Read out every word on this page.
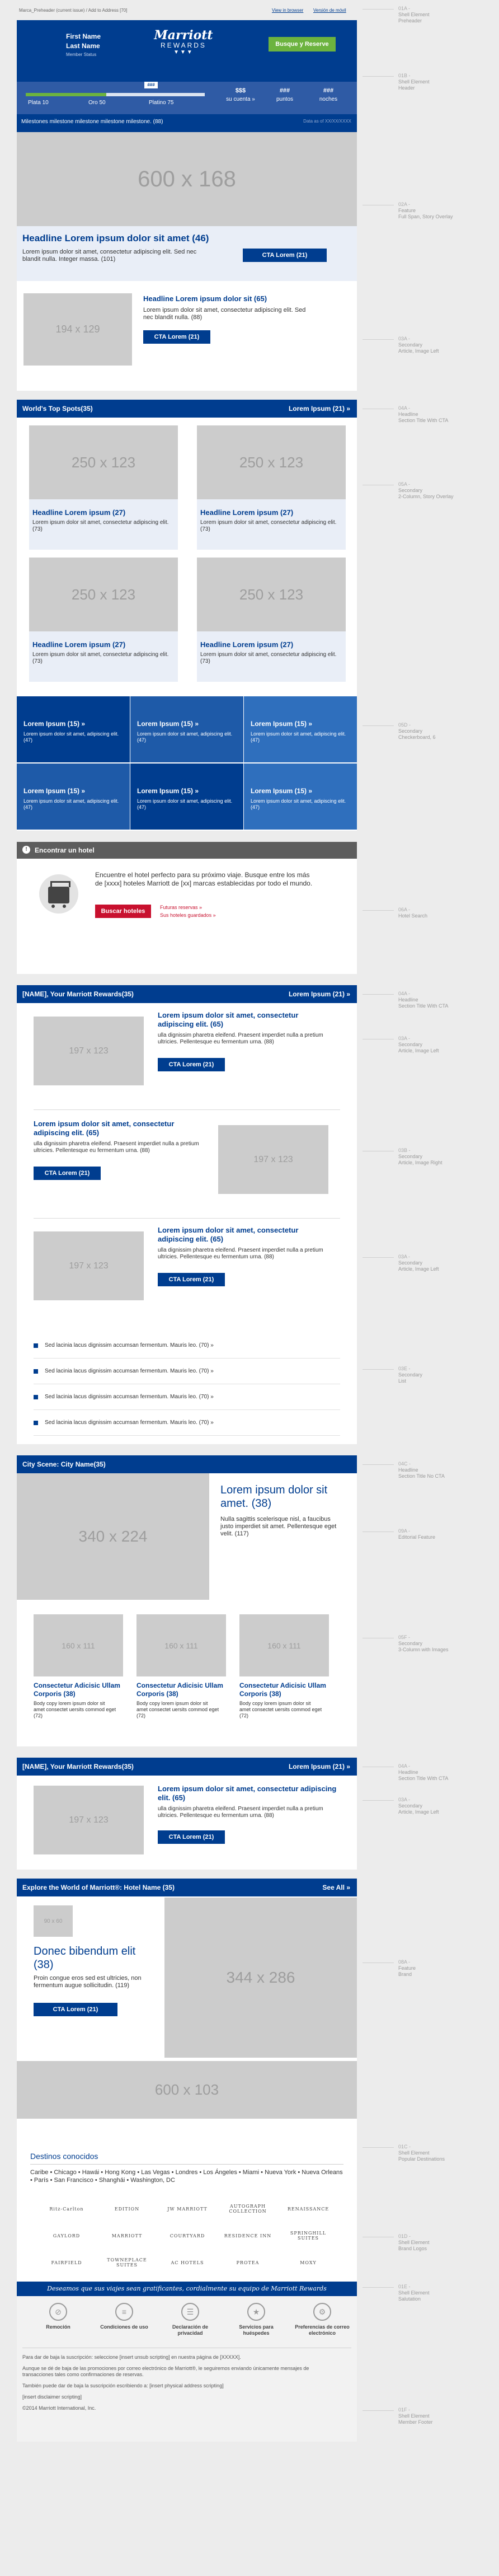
Marca_Preheader (current issue) / Add to Address [70]	View in browser Versión de móvil
First Name
Last Name
Member Status
Marriott
REWARDS
▼▼▼
Busque y Reserve
###
Plata 10	Oro 50	Platino 75
$$$
su cuenta »
###
puntos
###
noches
Milestones milestone milestone milestone milestone. (88)	Data as of XX/XX/XXXX
600 x 168
Headline Lorem ipsum dolor sit amet (46)
Lorem ipsum dolor sit amet, consectetur adipiscing elit. Sed nec blandit nulla. Integer massa. (101)
CTA Lorem (21)
194 x 129
Headline Lorem ipsum dolor sit (65)
Lorem ipsum dolor sit amet, consectetur adipiscing elit. Sed nec blandit nulla. (88)
CTA Lorem (21)
World's Top Spots(35)	Lorem Ipsum (21) »
250 x 123
Headline Lorem ipsum (27)
Lorem ipsum dolor sit amet, consectetur adipiscing elit. (73)
250 x 123
Headline Lorem ipsum (27)
Lorem ipsum dolor sit amet, consectetur adipiscing elit. (73)
250 x 123
Headline Lorem ipsum (27)
Lorem ipsum dolor sit amet, consectetur adipiscing elit. (73)
250 x 123
Headline Lorem ipsum (27)
Lorem ipsum dolor sit amet, consectetur adipiscing elit. (73)
Lorem Ipsum (15) »
Lorem ipsum dolor sit amet, adipiscing elit. (47)
Lorem Ipsum (15) »
Lorem ipsum dolor sit amet, adipiscing elit. (47)
Lorem Ipsum (15) »
Lorem ipsum dolor sit amet, adipiscing elit. (47)
Lorem Ipsum (15) »
Lorem ipsum dolor sit amet, adipiscing elit. (47)
Lorem Ipsum (15) »
Lorem ipsum dolor sit amet, adipiscing elit. (47)
Lorem Ipsum (15) »
Lorem ipsum dolor sit amet, adipiscing elit. (47)
!	Encontrar un hotel
Encuentre el hotel perfecto para su próximo viaje. Busque entre los más de [xxxx] hoteles Marriott de [xx] marcas establecidas por todo el mundo.
Buscar hoteles
Futuras reservas »
Sus hoteles guardados »
[NAME], Your Marriott Rewards(35)	Lorem Ipsum (21) »
197 x 123
Lorem ipsum dolor sit amet, consectetur adipiscing elit. (65)
ulla dignissim pharetra eleifend. Praesent imperdiet nulla a pretium ultricies. Pellentesque eu fermentum urna. (88)
CTA Lorem (21)
197 x 123
Lorem ipsum dolor sit amet, consectetur adipiscing elit. (65)
ulla dignissim pharetra eleifend. Praesent imperdiet nulla a pretium ultricies. Pellentesque eu fermentum urna. (88)
CTA Lorem (21)
197 x 123
Lorem ipsum dolor sit amet, consectetur adipiscing elit. (65)
ulla dignissim pharetra eleifend. Praesent imperdiet nulla a pretium ultricies. Pellentesque eu fermentum urna. (88)
CTA Lorem (21)
Sed lacinia lacus dignissim accumsan fermentum. Mauris leo. (70) »
Sed lacinia lacus dignissim accumsan fermentum. Mauris leo. (70) »
Sed lacinia lacus dignissim accumsan fermentum. Mauris leo. (70) »
Sed lacinia lacus dignissim accumsan fermentum. Mauris leo. (70) »
City Scene: City Name(35)
340 x 224
Lorem ipsum dolor sit amet. (38)
Nulla sagittis scelerisque nisl, a faucibus justo imperdiet sit amet. Pellentesque eget velit. (117)
160 x 111
Consectetur Adicisic Ullam Corporis (38)
Body copy lorem ipsum dolor sit amet consectet uersits commod eget (72)
160 x 111
Consectetur Adicisic Ullam Corporis (38)
Body copy lorem ipsum dolor sit amet consectet uersits commod eget (72)
160 x 111
Consectetur Adicisic Ullam Corporis (38)
Body copy lorem ipsum dolor sit amet consectet uersits commod eget (72)
[NAME], Your Marriott Rewards(35)	Lorem Ipsum (21) »
197 x 123
Lorem ipsum dolor sit amet, consectetur adipiscing elit. (65)
ulla dignissim pharetra eleifend. Praesent imperdiet nulla a pretium ultricies. Pellentesque eu fermentum urna. (88)
CTA Lorem (21)
Explore the World of Marriott®: Hotel Name (35)	See All »
90 x 60
Donec bibendum elit (38)
Proin congue eros sed est ultricies, non fermentum augue sollicitudin. (119)
CTA Lorem (21)
344 x 286
600 x 103
Destinos conocidos
Caribe • Chicago • Hawái • Hong Kong • Las Vegas • Londres • Los Ángeles • Miami • Nueva York • Nueva Orleans • París • San Francisco • Shanghái • Washington, DC
Ritz-Carlton	EDITION	JW MARRIOTT	AUTOGRAPH COLLECTION	RENAISSANCE
GAYLORD	MARRIOTT	COURTYARD	RESIDENCE INN	SPRINGHILL SUITES
FAIRFIELD	TOWNEPLACE SUITES	AC HOTELS	PROTEA	MOXY
Deseamos que sus viajes sean gratificantes, cordialmente su equipo de Marriott Rewards
Para dar de baja la suscripción: seleccione [insert unsub scripting] en nuestra página de [XXXXX].
Aunque se dé de baja de las promociones por correo electrónico de Marriott®, le seguiremos enviando únicamente mensajes de transacciones tales como confirmaciones de reservas.
También puede dar de baja la suscripción escribiendo a: [insert physical address scripting]
[insert disclaimer scripting]
©2014 Marriott International, Inc.
⊘
Remoción
≡
Condiciones de uso
☰
Declaración de privacidad
★
Servicios para huéspedes
⚙
Preferencias de correo electrónico
01A -
Shell Element
Preheader
01B -
Shell Element
Header
02A -
Feature
Full Span, Story Overlay
03A -
Secondary
Article, Image Left
04A -
Headline
Section Title With CTA
05A -
Secondary
2-Column, Story Overlay
05D -
Secondary
Checkerboard, 6
06A -
Hotel Search
04A -
Headline
Section Title With CTA
03A -
Secondary
Article, Image Left
03B -
Secondary
Article, Image Right
03A -
Secondary
Article, Image Left
03E -
Secondary
List
04C -
Headline
Section Title No CTA
09A -
Editorial Feature
05F -
Secondary
3-Column with Images
04A -
Headline
Section Title With CTA
03A -
Secondary
Article, Image Left
08A -
Feature
Brand
01C -
Shell Element
Popular Destinations
01D -
Shell Element
Brand Logos
01E -
Shell Element
Salutation
01F -
Shell Element
Member Footer
